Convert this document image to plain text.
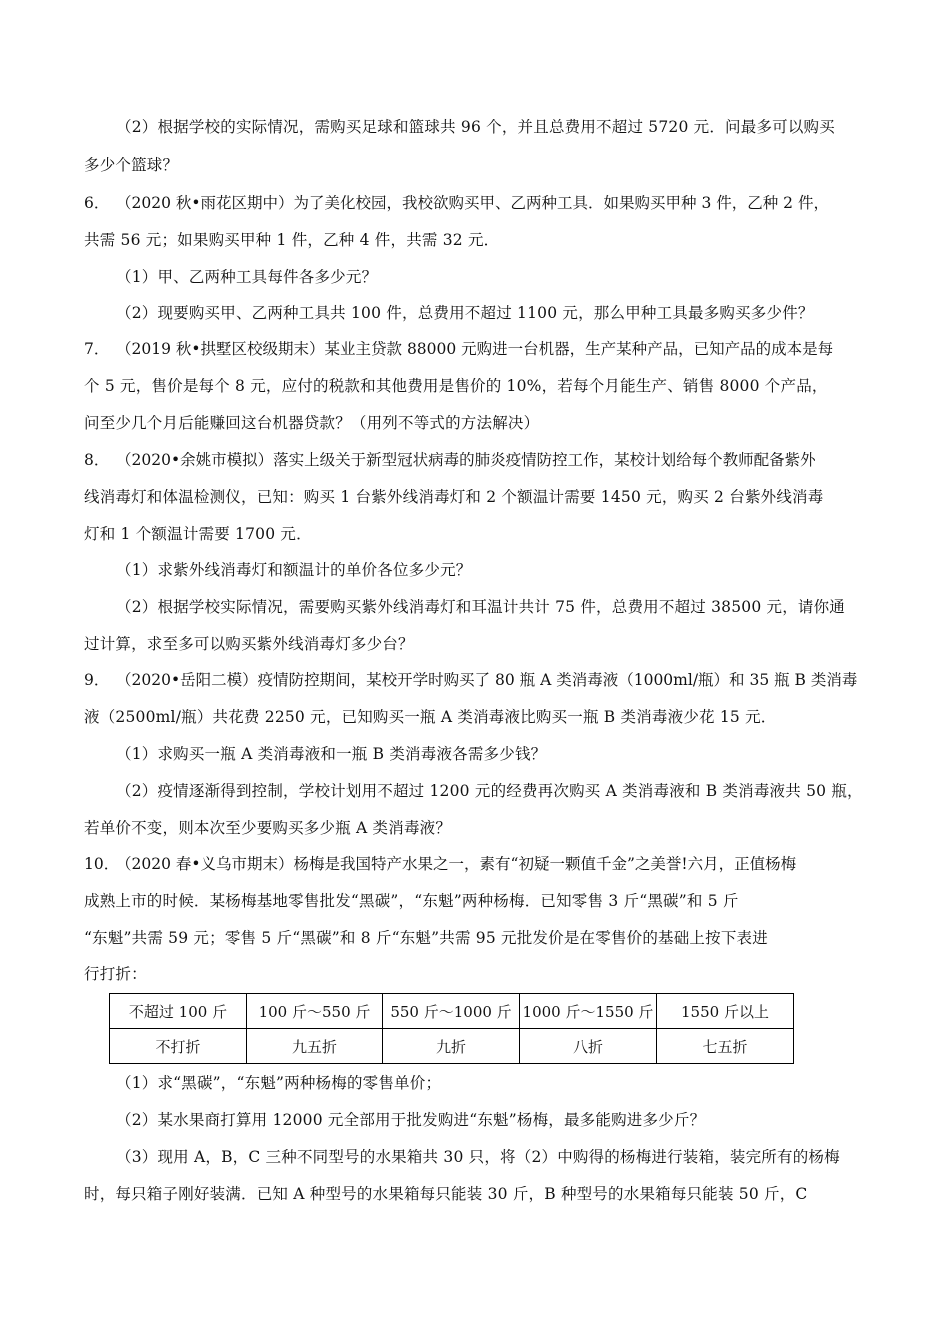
（2）根据学校的实际情况，需购买足球和篮球共 96 个，并且总费用不超过 5720 元．问最多可以购买
多少个篮球？
6． （2020 秋•雨花区期中）为了美化校园，我校欲购买甲、乙两种工具．如果购买甲种 3 件，乙种 2 件，
共需 56 元；如果购买甲种 1 件，乙种 4 件，共需 32 元．
（1）甲、乙两种工具每件各多少元？
（2）现要购买甲、乙两种工具共 100 件，总费用不超过 1100 元，那么甲种工具最多购买多少件？
7． （2019 秋•拱墅区校级期末）某业主贷款 88000 元购进一台机器，生产某种产品，已知产品的成本是每
个 5 元，售价是每个 8 元，应付的税款和其他费用是售价的 10%，若每个月能生产、销售 8000 个产品，
问至少几个月后能赚回这台机器贷款？（用列不等式的方法解决）
8． （2020•余姚市模拟）落实上级关于新型冠状病毒的肺炎疫情防控工作，某校计划给每个教师配备紫外
线消毒灯和体温检测仪，已知：购买 1 台紫外线消毒灯和 2 个额温计需要 1450 元，购买 2 台紫外线消毒
灯和 1 个额温计需要 1700 元．
（1）求紫外线消毒灯和额温计的单价各位多少元？
（2）根据学校实际情况，需要购买紫外线消毒灯和耳温计共计 75 件，总费用不超过 38500 元，请你通
过计算，求至多可以购买紫外线消毒灯多少台？
9． （2020•岳阳二模）疫情防控期间，某校开学时购买了 80 瓶 A 类消毒液（1000ml/瓶）和 35 瓶 B 类消毒
液（2500ml/瓶）共花费 2250 元，已知购买一瓶 A 类消毒液比购买一瓶 B 类消毒液少花 15 元．
（1）求购买一瓶 A 类消毒液和一瓶 B 类消毒液各需多少钱？
（2）疫情逐渐得到控制，学校计划用不超过 1200 元的经费再次购买 A 类消毒液和 B 类消毒液共 50 瓶，
若单价不变，则本次至少要购买多少瓶 A 类消毒液？
10．
（2020 春•义乌市期末）杨梅是我国特产水果之一，素有“初疑一颗值千金”之美誉!六月，正值杨梅
成熟上市的时候．某杨梅基地零售批发“黑碳”，“东魁”两种杨梅．已知零售 3 斤“黑碳”和 5 斤
“东魁”共需 59 元；零售 5 斤“黑碳”和 8 斤“东魁”共需 95 元批发价是在零售价的基础上按下表进
行打折：
不超过 100 斤	100 斤～550 斤	550 斤～1000 斤	1000 斤～1550 斤	1550 斤以上
不打折	九五折	九折	八折	七五折
（1）求“黑碳”，“东魁”两种杨梅的零售单价；
（2）某水果商打算用 12000 元全部用于批发购进“东魁”杨梅，最多能购进多少斤？
（3）现用 A，B，C 三种不同型号的水果箱共 30 只，将（2）中购得的杨梅进行装箱，装完所有的杨梅
时，每只箱子刚好装满．已知 A 种型号的水果箱每只能装 30 斤，B 种型号的水果箱每只能装 50 斤，C
